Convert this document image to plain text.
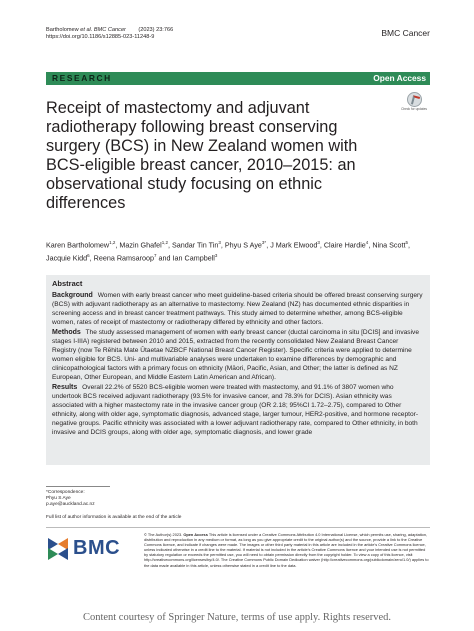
Bartholomew et al. BMC Cancer (2023) 23:766
https://doi.org/10.1186/s12885-023-11248-9	BMC Cancer
RESEARCH	Open Access
Check for updates
Receipt of mastectomy and adjuvant radiotherapy following breast conserving surgery (BCS) in New Zealand women with BCS-eligible breast cancer, 2010–2015: an observational study focusing on ethnic differences
Karen Bartholomew$^{1,2}$, Mazin Ghafel$^{1,2}$, Sandar Tin Tin$^3$, Phyu S Aye$^{3*}$, J Mark Elwood$^3$, Claire Hardie$^4$, Nina Scott$^5$, Jacquie Kidd$^6$, Reena Ramsaroop$^7$ and Ian Campbell$^3$
Abstract

Background Women with early breast cancer who meet guideline-based criteria should be offered breast conserving surgery (BCS) with adjuvant radiotherapy as an alternative to mastectomy. New Zealand (NZ) has documented ethnic disparities in screening access and in breast cancer treatment pathways. This study aimed to determine whether, among BCS-eligible women, rates of receipt of mastectomy or radiotherapy differed by ethnicity and other factors.

Methods The study assessed management of women with early breast cancer (ductal carcinoma in situ [DCIS] and invasive stages I-IIIA) registered between 2010 and 2015, extracted from the recently consolidated New Zealand Breast Cancer Registry (now Te Rēhita Mate Ūtaetae NZBCF National Breast Cancer Register). Specific criteria were applied to determine women eligible for BCS. Uni- and multivariable analyses were undertaken to examine differences by demographic and clinicopathological factors with a primary focus on ethnicity (Māori, Pacific, Asian, and Other; the latter is defined as NZ European, Other European, and Middle Eastern Latin American and African).

Results Overall 22.2% of 5520 BCS-eligible women were treated with mastectomy, and 91.1% of 3807 women who undertook BCS received adjuvant radiotherapy (93.5% for invasive cancer, and 78.3% for DCIS). Asian ethnicity was associated with a higher mastectomy rate in the invasive cancer group (OR 2.18; 95%CI 1.72–2.75), compared to Other ethnicity, along with older age, symptomatic diagnosis, advanced stage, larger tumour, HER2-positive, and hormone receptor-negative groups. Pacific ethnicity was associated with a lower adjuvant radiotherapy rate, compared to Other ethnicity, in both invasive and DCIS groups, along with older age, symptomatic diagnosis, and lower grade

*Correspondence:
Phyu S Aye
p.aye@auckland.ac.nz
Full list of author information is available at the end of the article
BMC
© The Author(s) 2023. Open Access This article is licensed under a Creative Commons Attribution 4.0 International License, which permits use, sharing, adaptation, distribution and reproduction in any medium or format, as long as you give appropriate credit to the original author(s) and the source, provide a link to the Creative Commons licence, and indicate if changes were made. The images or other third party material in this article are included in the article's Creative Commons licence, unless indicated otherwise in a credit line to the material. If material is not included in the article's Creative Commons licence and your intended use is not permitted by statutory regulation or exceeds the permitted use, you will need to obtain permission directly from the copyright holder. To view a copy of this licence, visit http://creativecommons.org/licenses/by/4.0/. The Creative Commons Public Domain Dedication waiver (http://creativecommons.org/publicdomain/zero/1.0/) applies to the data made available in this article, unless otherwise stated in a credit line to the data.
Content courtesy of Springer Nature, terms of use apply. Rights reserved.
